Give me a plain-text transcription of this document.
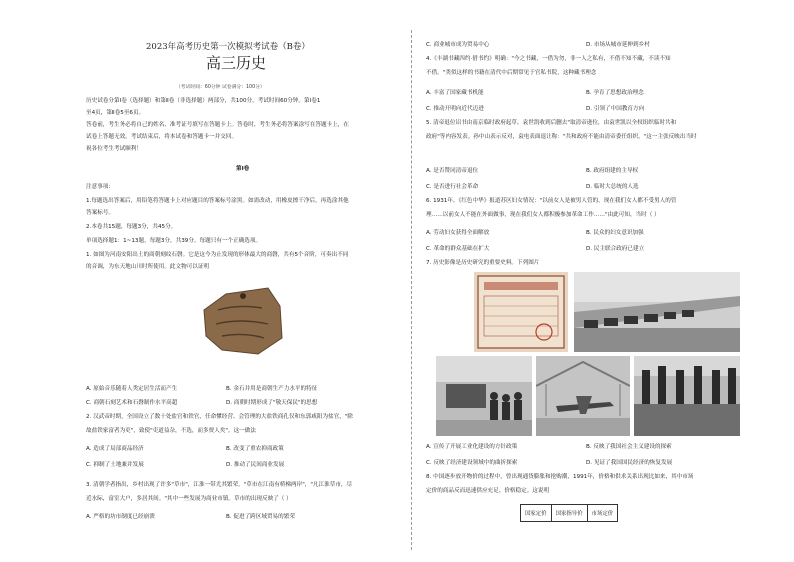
2023年高考历史第一次模拟考试卷（B卷）
高三历史
（考试时间：60分钟 试卷满分：100分）
历史试卷分第Ⅰ卷（选择题）和第Ⅱ卷（非选择题）两部分，共100分，考试时间60分钟。第Ⅰ卷1
至4页，第Ⅱ卷5至6页。
答卷前，考生务必将自己的姓名、准考证号填写在答题卡上。答卷时，考生务必将答案涂写在答题卡上，在
试卷上答题无效。考试结束后，将本试卷和答题卡一并交回。
祝各位考生考试顺利！
第Ⅰ卷
注意事项：
1.每题选出答案后，用铅笔将答题卡上对应题目的答案标号涂黑。如需改动，用橡皮擦干净后，再选涂其他
答案标号。
2.本卷共15题，每题3分，共45分。
单项选择题1：1~13题，每题3分，共39分。每题只有一个正确选项。
1. 如图为河南安阳出土的商朝刻纹石磬。它是这今为止发现的形体最大的商磬，共有5个音阶，可奏出不同
的音调，为东天地山川时所使用。此文物可以证明
A. 原始音乐随着人类定居生活而产生	B. 金石并用是商朝生产力水平的特征
C. 商朝石刻艺术和石磬制作水平高超	D. 商朝时期形成了"敬天保民"的思想
2. 汉武帝时期，全国设立了数十处盐官和铁官，任命懂经营、会管理的大盐铁商孔仅和东郭咸阳为盐官，"除
故盐铁家富者为吏"，致使"吏道益杂，不选，而多贾人矣"。这一做法
A. 造成了局部商品经济	B. 改变了重农抑商政策
C. 抑制了土地兼并发展	D. 推动了民间商业发展
3. 清朝学者指出，乡村出现了许多"草市"，江淮一带尤其繁荣。"草市在江南有桥梯两岸"，"凡江淮草市，尽
近水际，富室大户，多居其间。"其中一些发展为商业市镇。草市的出现反映了（ ）
A. 严格的坊市制度已经崩溃	B. 促进了跨区域贸易的繁荣
C. 商业城市成为贸易中心	D. 市场从城市延伸到乡村
4.《丰湖书藏四约·借书约》明确："今之书藏，一借为勿，非一人之私有，不借不知不藏，不读不知
不借。"类似这样的书籍在清代中后期常见于官私书院，这种藏书理念
A. 丰富了国家藏书机能	B. 孕育了思想政治理念
C. 推动开明向近代迈进	D. 引领了中国教育方向
5. 清帝退位诏书由南京临时政府起草，袁世凯收到后删去"取清帝逊位，由袁世凯以全权组织临时共和
政府"等内容发表。孙中山表示反对，袁电表面退让称："共和政府不能由清帝委任组织。"这一主张反映出当时
A. 是否赞同清帝退位	B. 政府组建的主导权
C. 是否进行社会革命	D. 临时大总统的人选
6. 1931年，《红色中华》报道苏区妇女情况："以前女人是被男人管的，现在我们女人都不受男人的管
理……以前女人不能在外面做事，现在我们女人都积极参加革命工作……"由此可知，当时（ ）
A. 劳动妇女获得全面解放	B. 民众的妇女意识加强
C. 革命的群众基础在扩大	D. 民主联合政府已建立
7. 历史影像是历史研究的重要史料。下列图片
A. 宣传了开展工业化建设的方针政策	B. 反映了我国社会主义建设的探索
C. 反映了经济建设领域中的曲折探索	D. 见证了我国国民经济的恢复发展
8. 中国逐步放开物价的过程中，曾出现通货膨胀和抢购潮，1991年，价格和供求关系出现比如来，其中市场
定价的商品反而迅速供应充足、价格稳定。这说明
国家定价	国家指导价	市场定价
